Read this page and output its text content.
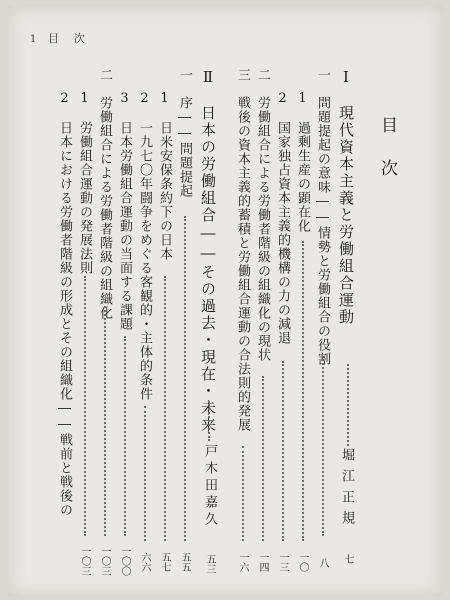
1 目　次
目次
Ⅰ　現代資本主義と労働組合運動
堀江正規
七
一　問題提起の意味――情勢と労働組合の役割
八
1　過剰生産の顕在化
一〇
2　国家独占資本主義的機構の力の減退
一三
二　労働組合による労働者階級の組織化の現状
一四
三　戦後の資本主義的蓄積と労働組合運動の合法則的発展
一六
Ⅱ　日本の労働組合――その過去・現在・未来
戸木田嘉久
五三
一　序――問題提起
五五
1　日米安保条約下の日本
五七
2　一九七〇年闘争をめぐる客観的・主体的条件
六六
3　日本労働組合運動の当面する課題
一〇〇
二　労働組合による労働者階級の組織化
一〇三
1　労働組合運動の発展法則
一〇三
2　日本における労働者階級の形成とその組織化――戦前と戦後の
